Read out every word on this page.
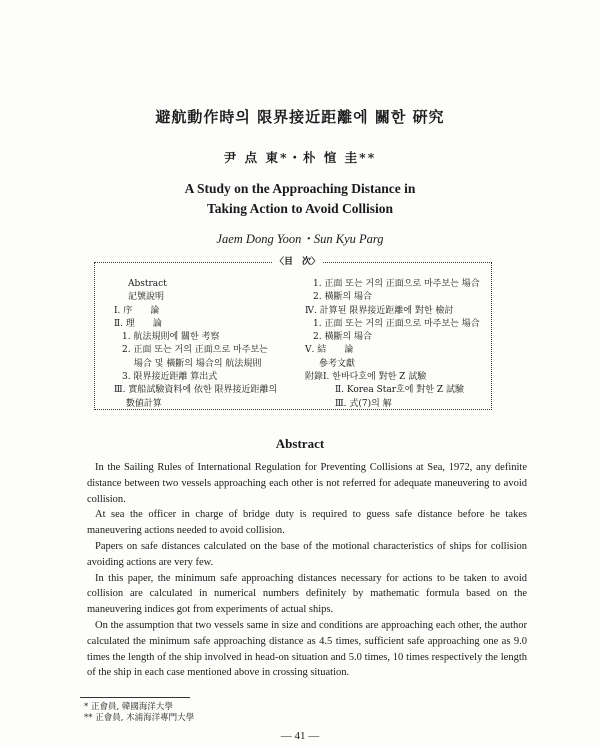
避航動作時의 限界接近距離에 關한 硏究
尹 点 東*・朴 愃 圭**
A Study on the Approaching Distance in
Taking Action to Avoid Collision
Jaem Dong Yoon・Sun Kyu Parg
〈目　次〉
Abstract
記號說明
Ⅰ. 序　　論
Ⅱ. 理　　論
1. 航法規則에 關한 考察
2. 正面 또는 거의 正面으로 마주보는
　 場合 및 橫斷의 場合의 航法規則
3. 限界接近距離 算出式
Ⅲ. 實船試驗資料에 依한 限界接近距離의
　 數値計算
1. 正面 또는 거의 正面으로 마주보는 場合
2. 橫斷의 場合
Ⅳ. 計算된 限界接近距離에 對한 檢討
1. 正面 또는 거의 正面으로 마주보는 場合
2. 橫斷의 場合
Ⅴ. 結　　論
參考文獻
附錄Ⅰ. 한바다호에 對한 Z 試驗
Ⅱ. Korea Star호에 對한 Z 試驗
Ⅲ. 式(7)의 解
Abstract

In the Sailing Rules of International Regulation for Preventing Collisions at Sea, 1972, any definite distance between two vessels approaching each other is not referred for adequate maneuvering to avoid collision.

At sea the officer in charge of bridge duty is required to guess safe distance before he takes maneuvering actions needed to avoid collision.

Papers on safe distances calculated on the base of the motional characteristics of ships for collision avoiding actions are very few.

In this paper, the minimum safe approaching distances necessary for actions to be taken to avoid collision are calculated in numerical numbers definitely by mathematic formula based on the maneuvering indices got from experiments of actual ships.

On the assumption that two vessels same in size and conditions are approaching each other, the author calculated the minimum safe approaching distance as 4.5 times, sufficient safe approaching one as 9.0 times the length of the ship involved in head-on situation and 5.0 times, 10 times respectively the length of the ship in each case mentioned above in crossing situation.

* 正會員, 韓國海洋大學
** 正會員, 木浦海洋專門大學
— 41 —
